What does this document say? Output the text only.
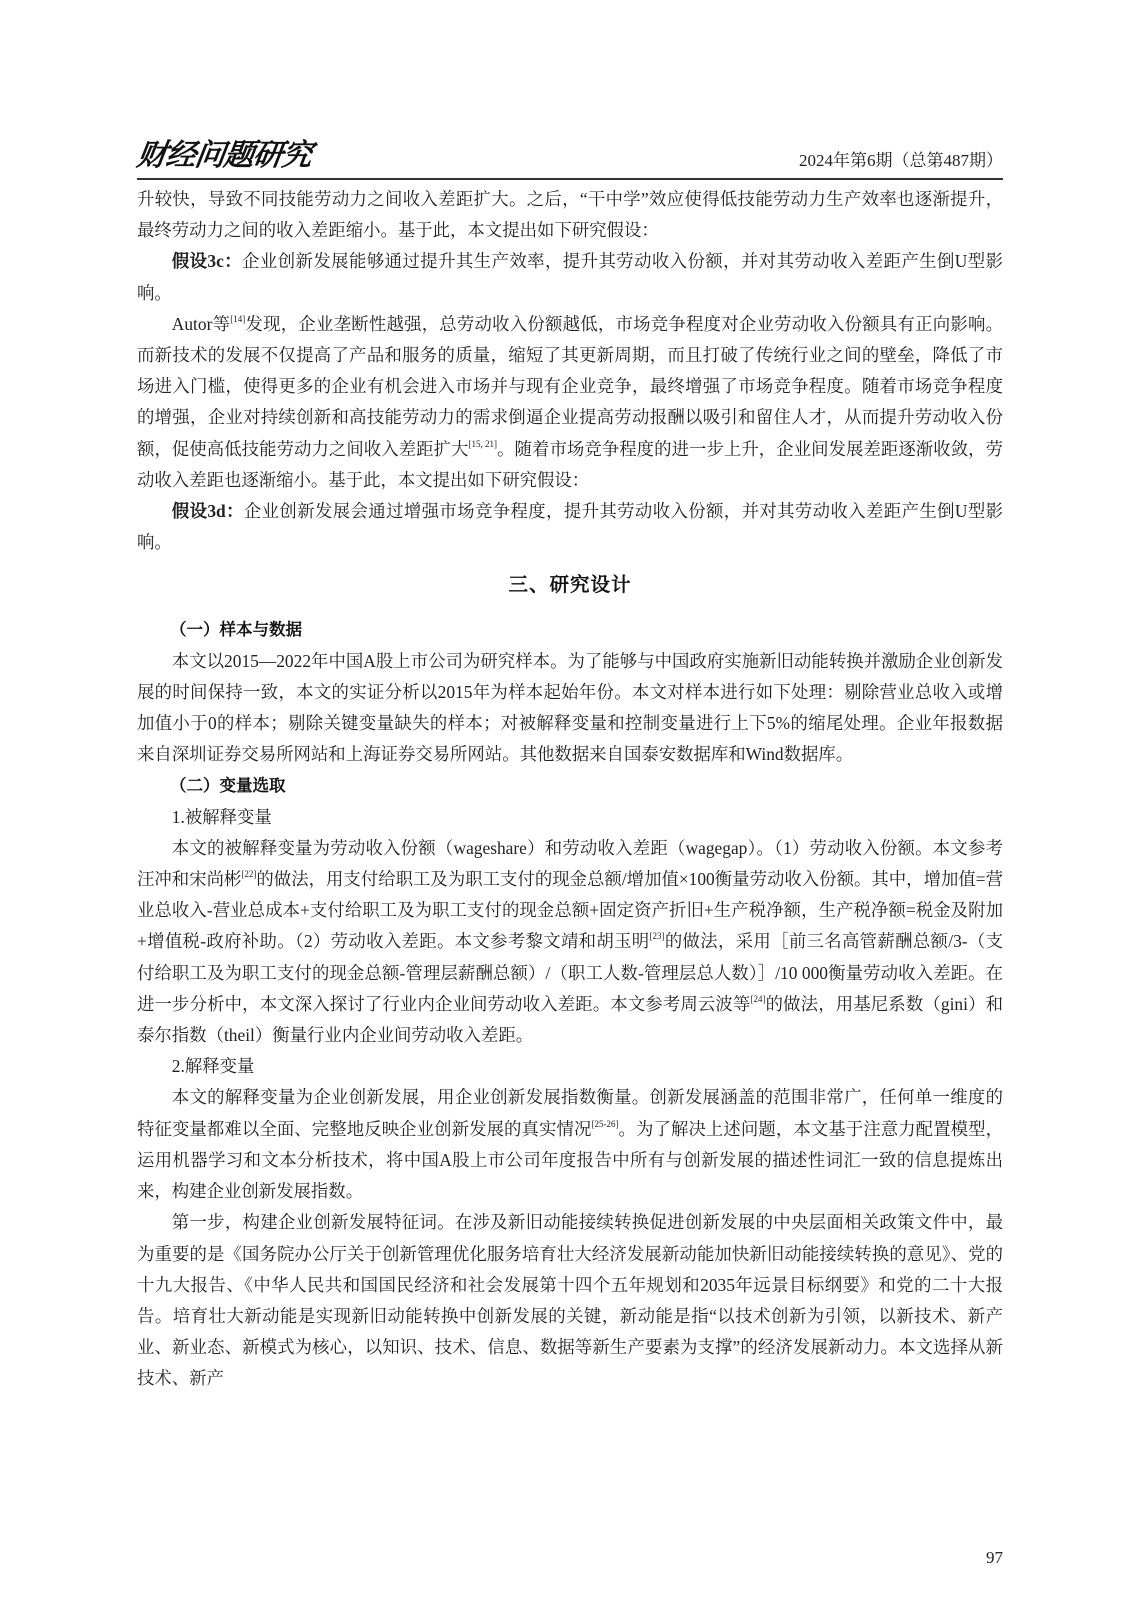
财经问题研究	2024年第6期（总第487期）

升较快，导致不同技能劳动力之间收入差距扩大。之后，“干中学”效应使得低技能劳动力生产效率也逐渐提升，最终劳动力之间的收入差距缩小。基于此，本文提出如下研究假设：

假设3c：企业创新发展能够通过提升其生产效率，提升其劳动收入份额，并对其劳动收入差距产生倒U型影响。

Autor等[14]发现，企业垄断性越强，总劳动收入份额越低，市场竞争程度对企业劳动收入份额具有正向影响。而新技术的发展不仅提高了产品和服务的质量，缩短了其更新周期，而且打破了传统行业之间的壁垒，降低了市场进入门槛，使得更多的企业有机会进入市场并与现有企业竞争，最终增强了市场竞争程度。随着市场竞争程度的增强，企业对持续创新和高技能劳动力的需求倒逼企业提高劳动报酬以吸引和留住人才，从而提升劳动收入份额，促使高低技能劳动力之间收入差距扩大[15, 21]。随着市场竞争程度的进一步上升，企业间发展差距逐渐收敛，劳动收入差距也逐渐缩小。基于此，本文提出如下研究假设：

假设3d：企业创新发展会通过增强市场竞争程度，提升其劳动收入份额，并对其劳动收入差距产生倒U型影响。

三、研究设计

（一）样本与数据

本文以2015—2022年中国A股上市公司为研究样本。为了能够与中国政府实施新旧动能转换并激励企业创新发展的时间保持一致，本文的实证分析以2015年为样本起始年份。本文对样本进行如下处理：剔除营业总收入或增加值小于0的样本；剔除关键变量缺失的样本；对被解释变量和控制变量进行上下5%的缩尾处理。企业年报数据来自深圳证券交易所网站和上海证券交易所网站。其他数据来自国泰安数据库和Wind数据库。

（二）变量选取

1.被解释变量

本文的被解释变量为劳动收入份额（wageshare）和劳动收入差距（wagegap）。（1）劳动收入份额。本文参考汪冲和宋尚彬[22]的做法，用支付给职工及为职工支付的现金总额/增加值×100衡量劳动收入份额。其中，增加值=营业总收入-营业总成本+支付给职工及为职工支付的现金总额+固定资产折旧+生产税净额，生产税净额=税金及附加+增值税-政府补助。（2）劳动收入差距。本文参考黎文靖和胡玉明[23]的做法，采用［前三名高管薪酬总额/3-（支付给职工及为职工支付的现金总额-管理层薪酬总额）/（职工人数-管理层总人数）］/10 000衡量劳动收入差距。在进一步分析中，本文深入探讨了行业内企业间劳动收入差距。本文参考周云波等[24]的做法，用基尼系数（gini）和泰尔指数（theil）衡量行业内企业间劳动收入差距。

2.解释变量

本文的解释变量为企业创新发展，用企业创新发展指数衡量。创新发展涵盖的范围非常广，任何单一维度的特征变量都难以全面、完整地反映企业创新发展的真实情况[25-26]。为了解决上述问题，本文基于注意力配置模型，运用机器学习和文本分析技术，将中国A股上市公司年度报告中所有与创新发展的描述性词汇一致的信息提炼出来，构建企业创新发展指数。

第一步，构建企业创新发展特征词。在涉及新旧动能接续转换促进创新发展的中央层面相关政策文件中，最为重要的是《国务院办公厅关于创新管理优化服务培育壮大经济发展新动能加快新旧动能接续转换的意见》、党的十九大报告、《中华人民共和国国民经济和社会发展第十四个五年规划和2035年远景目标纲要》和党的二十大报告。培育壮大新动能是实现新旧动能转换中创新发展的关键，新动能是指“以技术创新为引领，以新技术、新产业、新业态、新模式为核心，以知识、技术、信息、数据等新生产要素为支撑”的经济发展新动力。本文选择从新技术、新产

97
